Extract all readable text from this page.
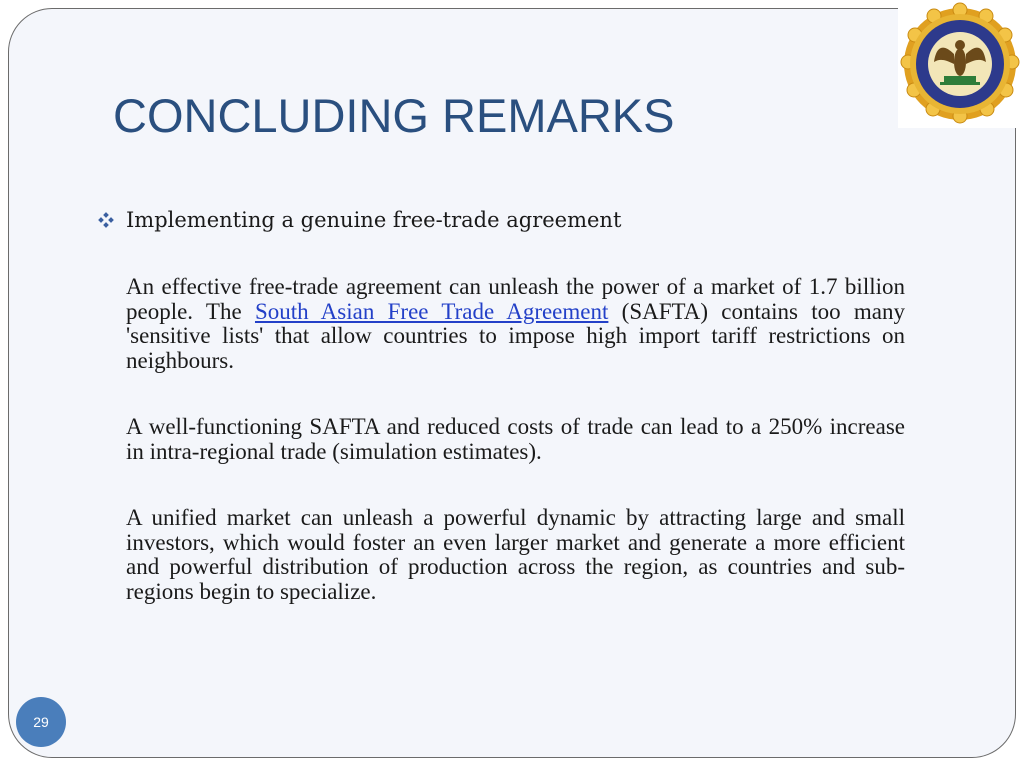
CONCLUDING REMARKS
Implementing a genuine free-trade agreement

An effective free-trade agreement can unleash the power of a market of 1.7 billion people. The South Asian Free Trade Agreement (SAFTA) contains too many 'sensitive lists' that allow countries to impose high import tariff restrictions on neighbours.

A well-functioning SAFTA and reduced costs of trade can lead to a 250% increase in intra-regional trade (simulation estimates).

A unified market can unleash a powerful dynamic by attracting large and small investors, which would foster an even larger market and generate a more efficient and powerful distribution of production across the region, as countries and sub-regions begin to specialize.

29
